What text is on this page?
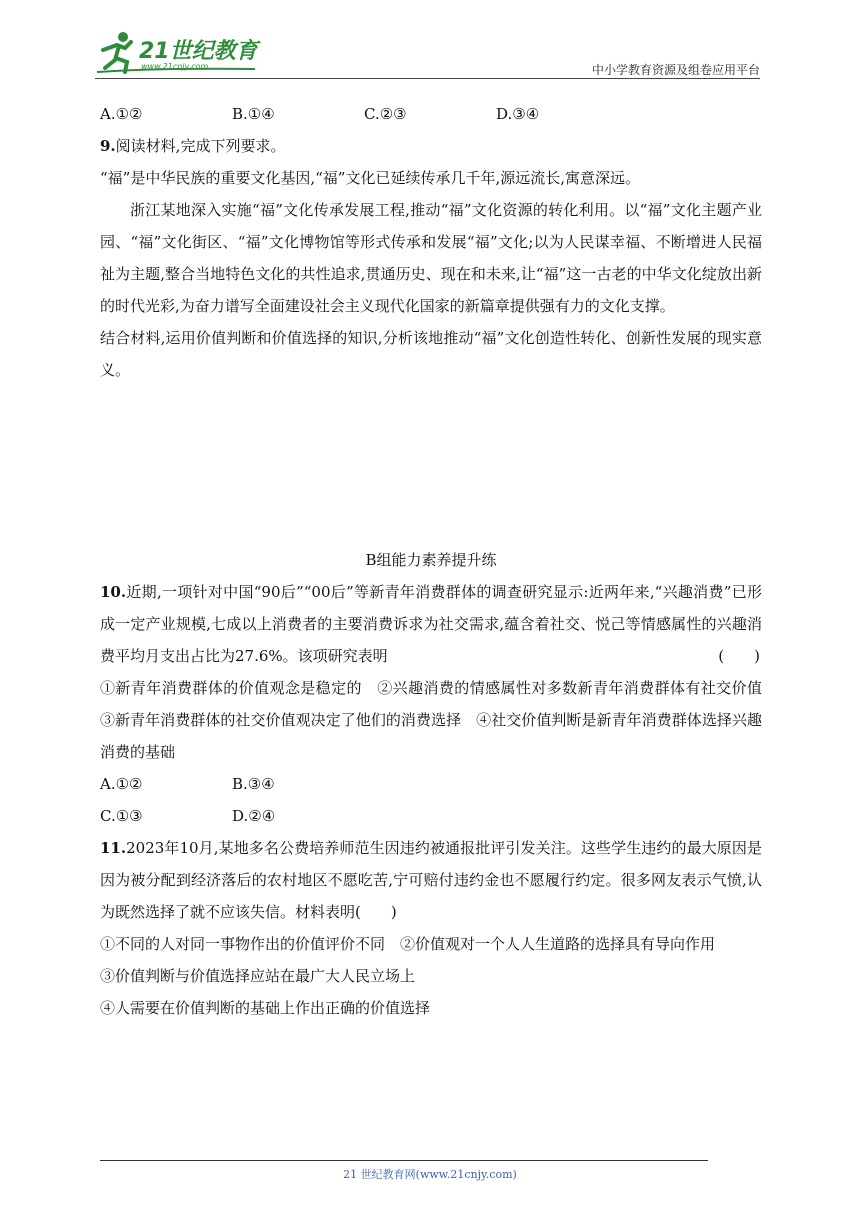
21世纪教育
www.21cnjy.com	中小学教育资源及组卷应用平台
A.①②	B.①④	C.②③	D.③④
9.阅读材料,完成下列要求。
“福”是中华民族的重要文化基因,“福”文化已延续传承几千年,源远流长,寓意深远。
浙江某地深入实施“福”文化传承发展工程,推动“福”文化资源的转化利用。以“福”文化主题产业园、“福”文化街区、“福”文化博物馆等形式传承和发展“福”文化;以为人民谋幸福、不断增进人民福祉为主题,整合当地特色文化的共性追求,贯通历史、现在和未来,让“福”这一古老的中华文化绽放出新的时代光彩,为奋力谱写全面建设社会主义现代化国家的新篇章提供强有力的文化支撑。
结合材料,运用价值判断和价值选择的知识,分析该地推动“福”文化创造性转化、创新性发展的现实意义。
B组能力素养提升练
10.近期,一项针对中国“90后”“00后”等新青年消费群体的调查研究显示:近两年来,“兴趣消费”已形成一定产业规模,七成以上消费者的主要消费诉求为社交需求,蕴含着社交、悦己等情感属性的兴趣消费平均月支出占比为27.6%。该项研究表明	(　　)
①新青年消费群体的价值观念是稳定的　②兴趣消费的情感属性对多数新青年消费群体有社交价值　③新青年消费群体的社交价值观决定了他们的消费选择　④社交价值判断是新青年消费群体选择兴趣消费的基础
A.①②	B.③④
C.①③	D.②④
11.2023年10月,某地多名公费培养师范生因违约被通报批评引发关注。这些学生违约的最大原因是因为被分配到经济落后的农村地区不愿吃苦,宁可赔付违约金也不愿履行约定。很多网友表示气愤,认为既然选择了就不应该失信。材料表明(　　)
①不同的人对同一事物作出的价值评价不同　②价值观对一个人人生道路的选择具有导向作用
③价值判断与价值选择应站在最广大人民立场上
④人需要在价值判断的基础上作出正确的价值选择
21 世纪教育网(www.21cnjy.com)
